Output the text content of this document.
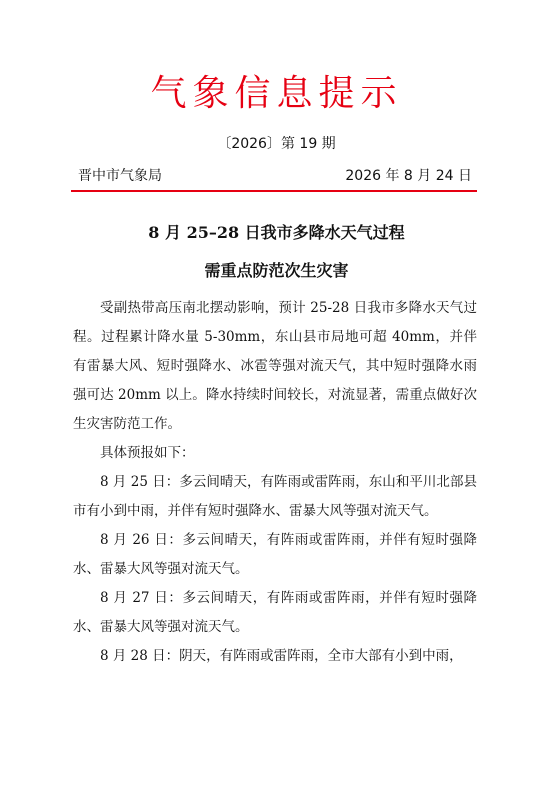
气象信息提示
〔2026〕第 19 期
晋中市气象局	2026 年 8 月 24 日
8 月 25–28 日我市多降水天气过程
需重点防范次生灾害

受副热带高压南北摆动影响，预计 25-28 日我市多降水天气过程。过程累计降水量 5-30mm，东山县市局地可超 40mm，并伴有雷暴大风、短时强降水、冰雹等强对流天气，其中短时强降水雨强可达 20mm 以上。降水持续时间较长，对流显著，需重点做好次生灾害防范工作。

具体预报如下：

8 月 25 日：多云间晴天，有阵雨或雷阵雨，东山和平川北部县市有小到中雨，并伴有短时强降水、雷暴大风等强对流天气。

8 月 26 日：多云间晴天，有阵雨或雷阵雨，并伴有短时强降水、雷暴大风等强对流天气。

8 月 27 日：多云间晴天，有阵雨或雷阵雨，并伴有短时强降水、雷暴大风等强对流天气。

8 月 28 日：阴天，有阵雨或雷阵雨，全市大部有小到中雨，
